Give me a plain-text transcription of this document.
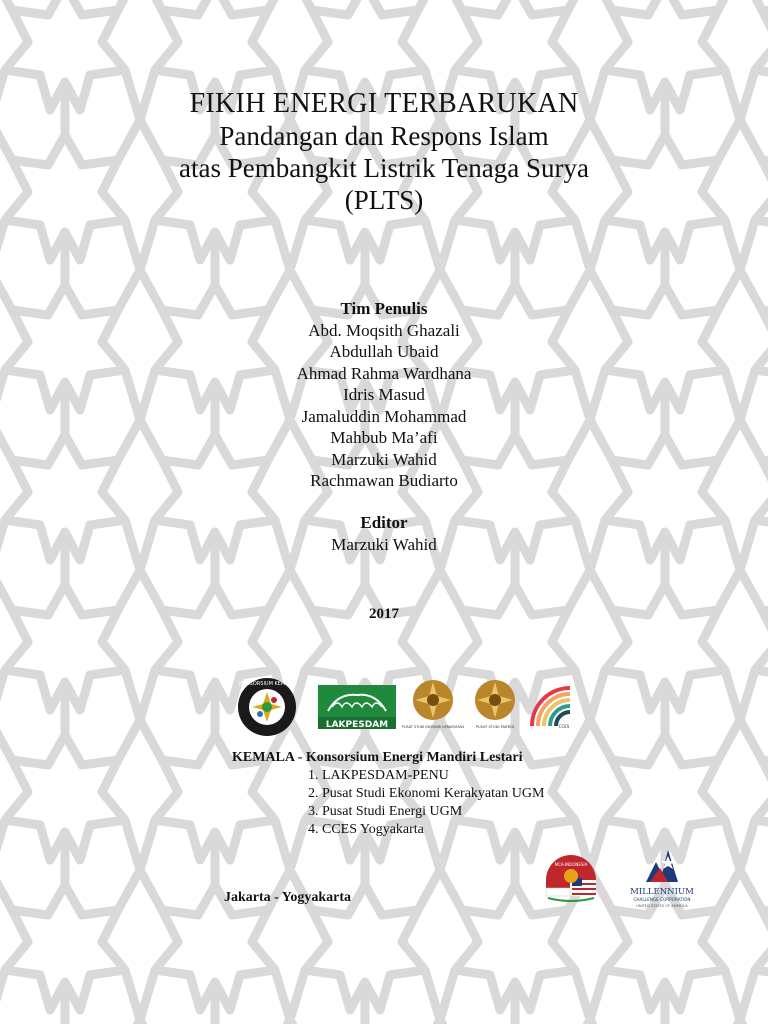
FIKIH ENERGI TERBARUKAN
Pandangan dan Respons Islam
atas Pembangkit Listrik Tenaga Surya
(PLTS)
Tim Penulis
Abd. Moqsith Ghazali
Abdullah Ubaid
Ahmad Rahma Wardhana
Idris Masud
Jamaluddin Mohammad
Mahbub Ma’afi
Marzuki Wahid
Rachmawan Budiarto
Editor
Marzuki Wahid
2017
KONSORSIUM KEMALA
LAKPESDAM	PUSAT STUDI EKONOMI KERAKYATAN	PUSAT STUDI ENERGI	CCES
KEMALA - Konsorsium Energi Mandiri Lestari
1. LAKPESDAM-PENU
2. Pusat Studi Ekonomi Kerakyatan UGM
3. Pusat Studi Energi UGM
4. CCES Yogyakarta
MCA-INDONESIA
MILLENNIUM
CHALLENGE CORPORATION
UNITED STATES OF AMERICA
Jakarta - Yogyakarta
